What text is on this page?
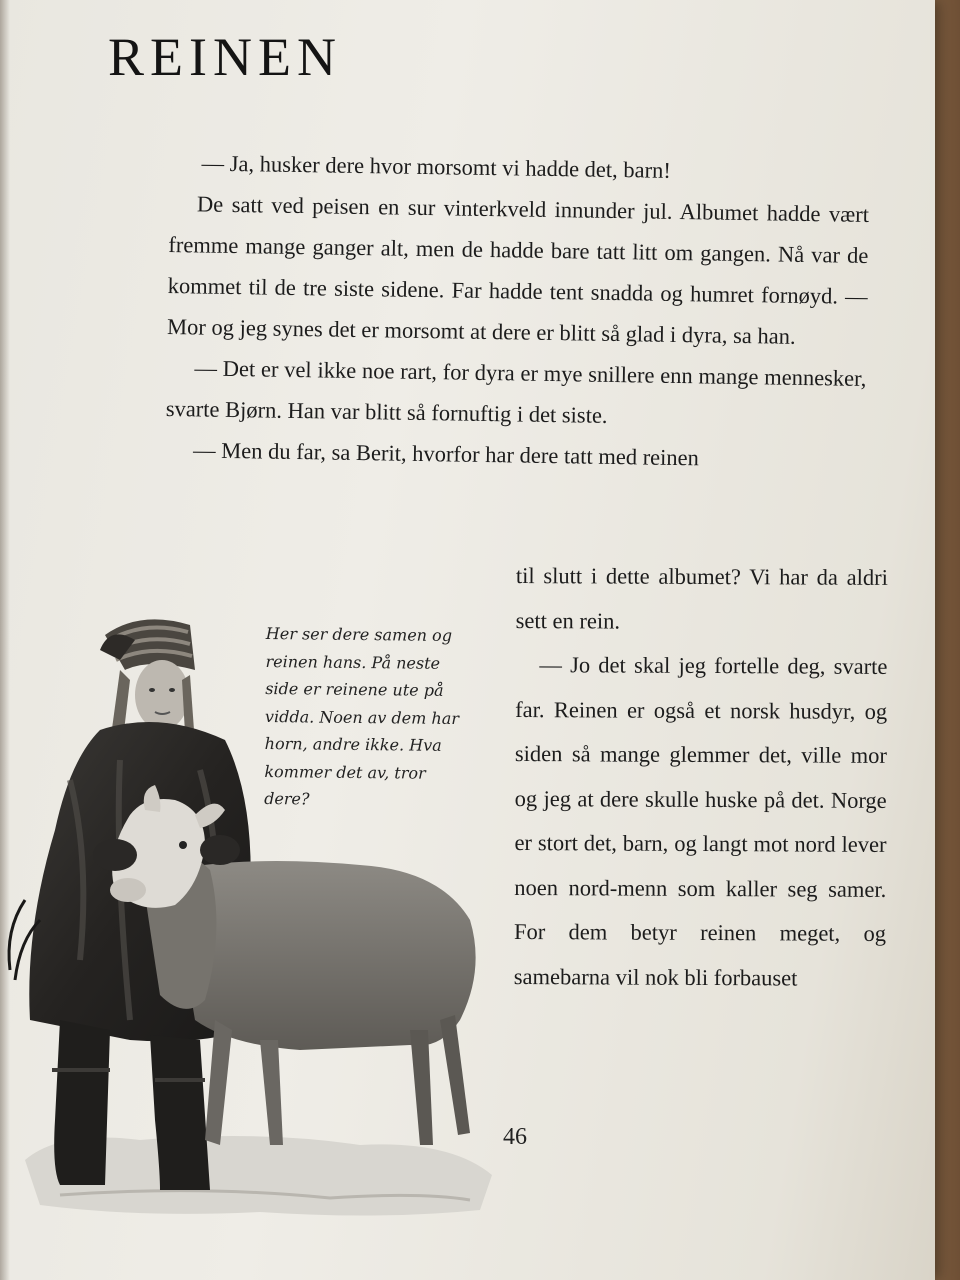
REINEN

— Ja, husker dere hvor morsomt vi hadde det, barn!

De satt ved peisen en sur vinterkveld innunder jul. Albumet hadde vært fremme mange ganger alt, men de hadde bare tatt litt om gangen. Nå var de kommet til de tre siste sidene. Far hadde tent snadda og humret fornøyd. — Mor og jeg synes det er morsomt at dere er blitt så glad i dyra, sa han.

— Det er vel ikke noe rart, for dyra er mye snillere enn mange mennesker, svarte Bjørn. Han var blitt så fornuftig i det siste.

— Men du far, sa Berit, hvorfor har dere tatt med reinen

Her ser dere samen og reinen hans. På neste side er reinene ute på vidda. Noen av dem har horn, andre ikke. Hva kommer det av, tror dere?

til slutt i dette albumet? Vi har da aldri sett en rein.

— Jo det skal jeg fortelle deg, svarte far. Reinen er også et norsk husdyr, og siden så mange glemmer det, ville mor og jeg at dere skulle huske på det. Norge er stort det, barn, og langt mot nord lever noen nord-menn som kaller seg samer. For dem betyr reinen meget, og samebarna vil nok bli forbauset

46
